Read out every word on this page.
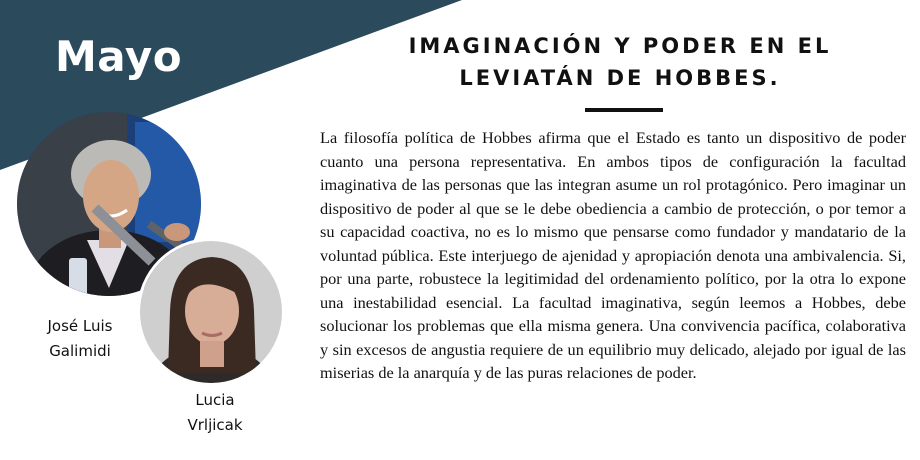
Mayo	IMAGINACIÓN Y PODER EN EL
LEVIATÁN DE HOBBES.

La filosofía política de Hobbes afirma que el Estado es tanto un dispositivo de poder cuanto una persona representativa. En ambos tipos de configuración la facultad imaginativa de las personas que las integran asume un rol protagónico. Pero imaginar un dispositivo de poder al que se le debe obediencia a cambio de protección, o por temor a su capacidad coactiva, no es lo mismo que pensarse como fundador y mandatario de la voluntad pública. Este interjuego de ajenidad y apropiación denota una ambivalencia. Si, por una parte, robustece la legitimidad del ordenamiento político, por la otra lo expone una inestabilidad esencial. La facultad imaginativa, según leemos a Hobbes, debe solucionar los problemas que ella misma genera. Una convivencia pacífica, colaborativa y sin excesos de angustia requiere de un equilibrio muy delicado, alejado por igual de las miserias de la anarquía y de las puras relaciones de poder.

José Luis
Galimidi
Lucia
Vrljicak
